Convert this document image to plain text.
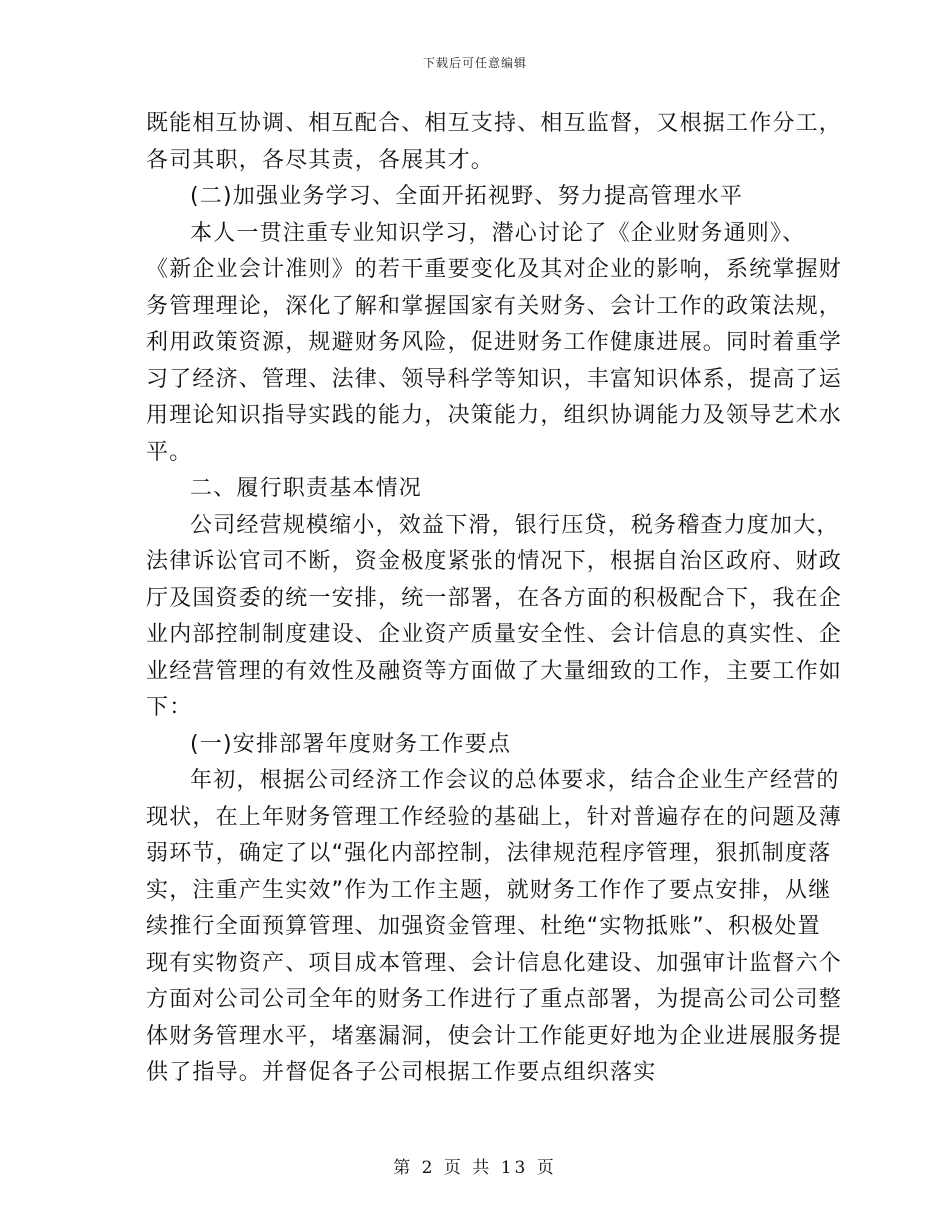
下载后可任意编辑
既能相互协调、相互配合、相互支持、相互监督，又根据工作分工，
各司其职，各尽其责，各展其才。
(二)加强业务学习、全面开拓视野、努力提高管理水平
本人一贯注重专业知识学习，潜心讨论了《企业财务通则》、
《新企业会计准则》的若干重要变化及其对企业的影响，系统掌握财
务管理理论，深化了解和掌握国家有关财务、会计工作的政策法规，
利用政策资源，规避财务风险，促进财务工作健康进展。同时着重学
习了经济、管理、法律、领导科学等知识，丰富知识体系，提高了运
用理论知识指导实践的能力，决策能力，组织协调能力及领导艺术水
平。
二、履行职责基本情况
公司经营规模缩小，效益下滑，银行压贷，税务稽查力度加大，
法律诉讼官司不断，资金极度紧张的情况下，根据自治区政府、财政
厅及国资委的统一安排，统一部署，在各方面的积极配合下，我在企
业内部控制制度建设、企业资产质量安全性、会计信息的真实性、企
业经营管理的有效性及融资等方面做了大量细致的工作，主要工作如
下：
(一)安排部署年度财务工作要点
年初，根据公司经济工作会议的总体要求，结合企业生产经营的
现状，在上年财务管理工作经验的基础上，针对普遍存在的问题及薄
弱环节，确定了以“强化内部控制，法律规范程序管理，狠抓制度落
实，注重产生实效”作为工作主题，就财务工作作了要点安排，从继
续推行全面预算管理、加强资金管理、杜绝“实物抵账”、积极处置
现有实物资产、项目成本管理、会计信息化建设、加强审计监督六个
方面对公司公司全年的财务工作进行了重点部署，为提高公司公司整
体财务管理水平，堵塞漏洞，使会计工作能更好地为企业进展服务提
供了指导。并督促各子公司根据工作要点组织落实
第 2 页 共 13 页
